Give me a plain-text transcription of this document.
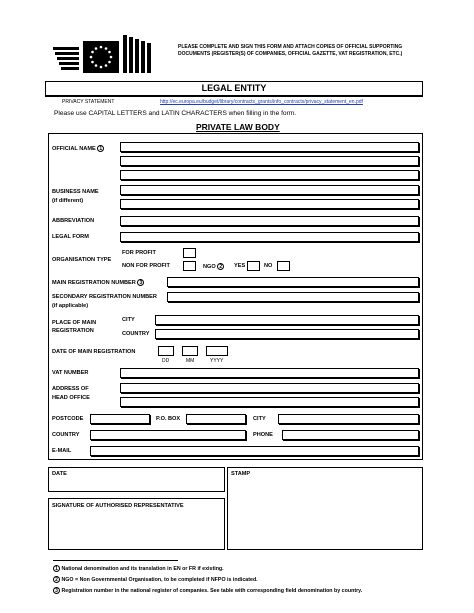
PLEASE COMPLETE AND SIGN THIS FORM AND ATTACH COPIES OF OFFICIAL SUPPORTING
DOCUMENTS (REGISTER(S) OF COMPANIES, OFFICIAL GAZETTE, VAT REGISTRATION, ETC.)
LEGAL ENTITY
PRIVACY STATEMENT	http://ec.europa.eu/budget/library/contracts_grants/info_contracts/privacy_statement_en.pdf
Please use CAPITAL LETTERS and LATIN CHARACTERS when filling in the form.
PRIVATE LAW BODY
OFFICIAL NAME 1
BUSINESS NAME
(if different)
ABBREVIATION
LEGAL FORM
ORGANISATION TYPE
FOR PROFIT
NON FOR PROFIT	NGO 2	YES	NO
MAIN REGISTRATION NUMBER 3
SECONDARY REGISTRATION NUMBER
(if applicable)
PLACE OF MAIN
REGISTRATION
CITY
COUNTRY
DATE OF MAIN REGISTRATION
DD	MM	YYYY
VAT NUMBER
ADDRESS OF
HEAD OFFICE
POSTCODE	P.O. BOX	CITY
COUNTRY	PHONE
E-MAIL
DATE	STAMP
SIGNATURE OF AUTHORISED REPRESENTATIVE
1 National denomination and its translation in EN or FR if existing.
2 NGO = Non Governmental Organisation, to be completed if NFPO is indicated.
3 Registration number in the national register of companies. See table with corresponding field denomination by country.
